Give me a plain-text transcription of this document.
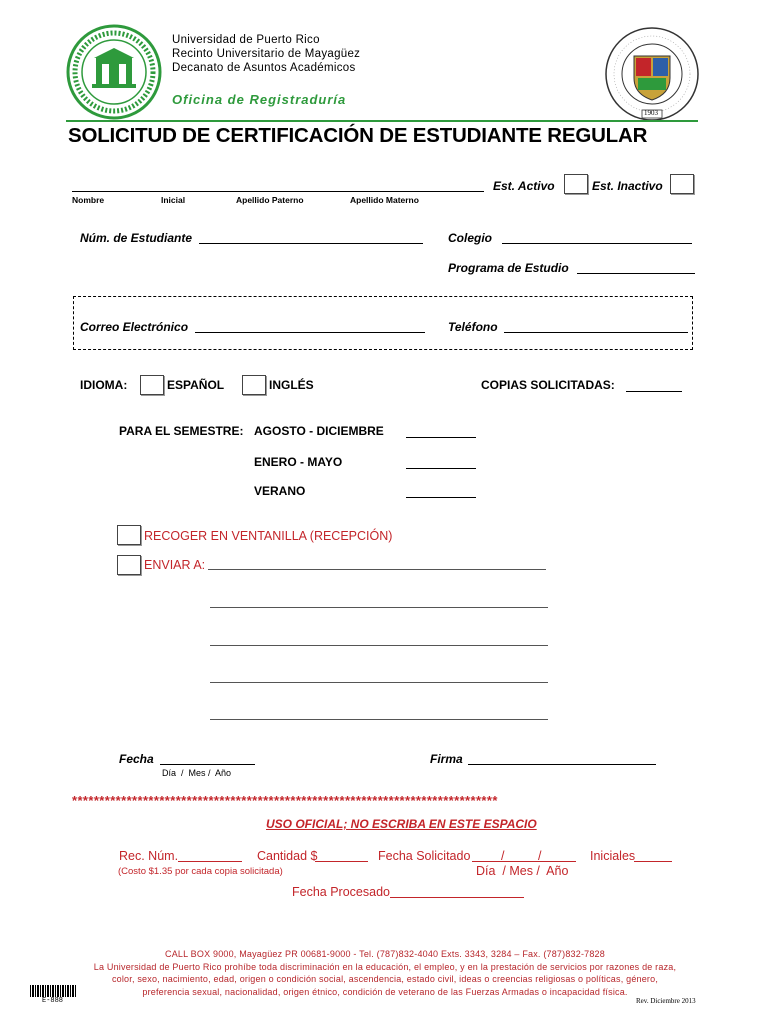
Universidad de Puerto Rico
Recinto Universitario de Mayagüez
Decanato de Asuntos Académicos
Oficina de Registraduría
1903
SOLICITUD DE CERTIFICACIÓN DE ESTUDIANTE REGULAR
Est. Activo	Est. Inactivo
Nombre	Inicial	Apellido Paterno	Apellido Materno
Núm. de Estudiante	Colegio
Programa de Estudio
Correo Electrónico	Teléfono
IDIOMA:	ESPAÑOL	INGLÉS	COPIAS SOLICITADAS:
PARA EL SEMESTRE: AGOSTO - DICIEMBRE
ENERO - MAYO
VERANO
RECOGER EN VENTANILLA (RECEPCIÓN)
ENVIAR A:
Fecha
Día  /  Mes /  Año
Firma
******************************************************************************
USO OFICIAL; NO ESCRIBA EN ESTE ESPACIO
Rec. Núm.	Cantidad $	Fecha Solicitado /	/	Iniciales
(Costo $1.35 por cada copia solicitada)	Día  / Mes /  Año
Fecha Procesado
CALL BOX 9000, Mayagüez PR 00681-9000 - Tel. (787)832-4040 Exts. 3343, 3284 – Fax. (787)832-7828
La Universidad de Puerto Rico prohíbe toda discriminación en la educación, el empleo, y en la prestación de servicios por razones de raza,
color, sexo, nacimiento, edad, origen o condición social, ascendencia, estado civil, ideas o creencias religiosas o políticas, género,
preferencia sexual, nacionalidad, origen étnico, condición de veterano de las Fuerzas Armadas o incapacidad física.
E-888	Rev. Diciembre 2013
